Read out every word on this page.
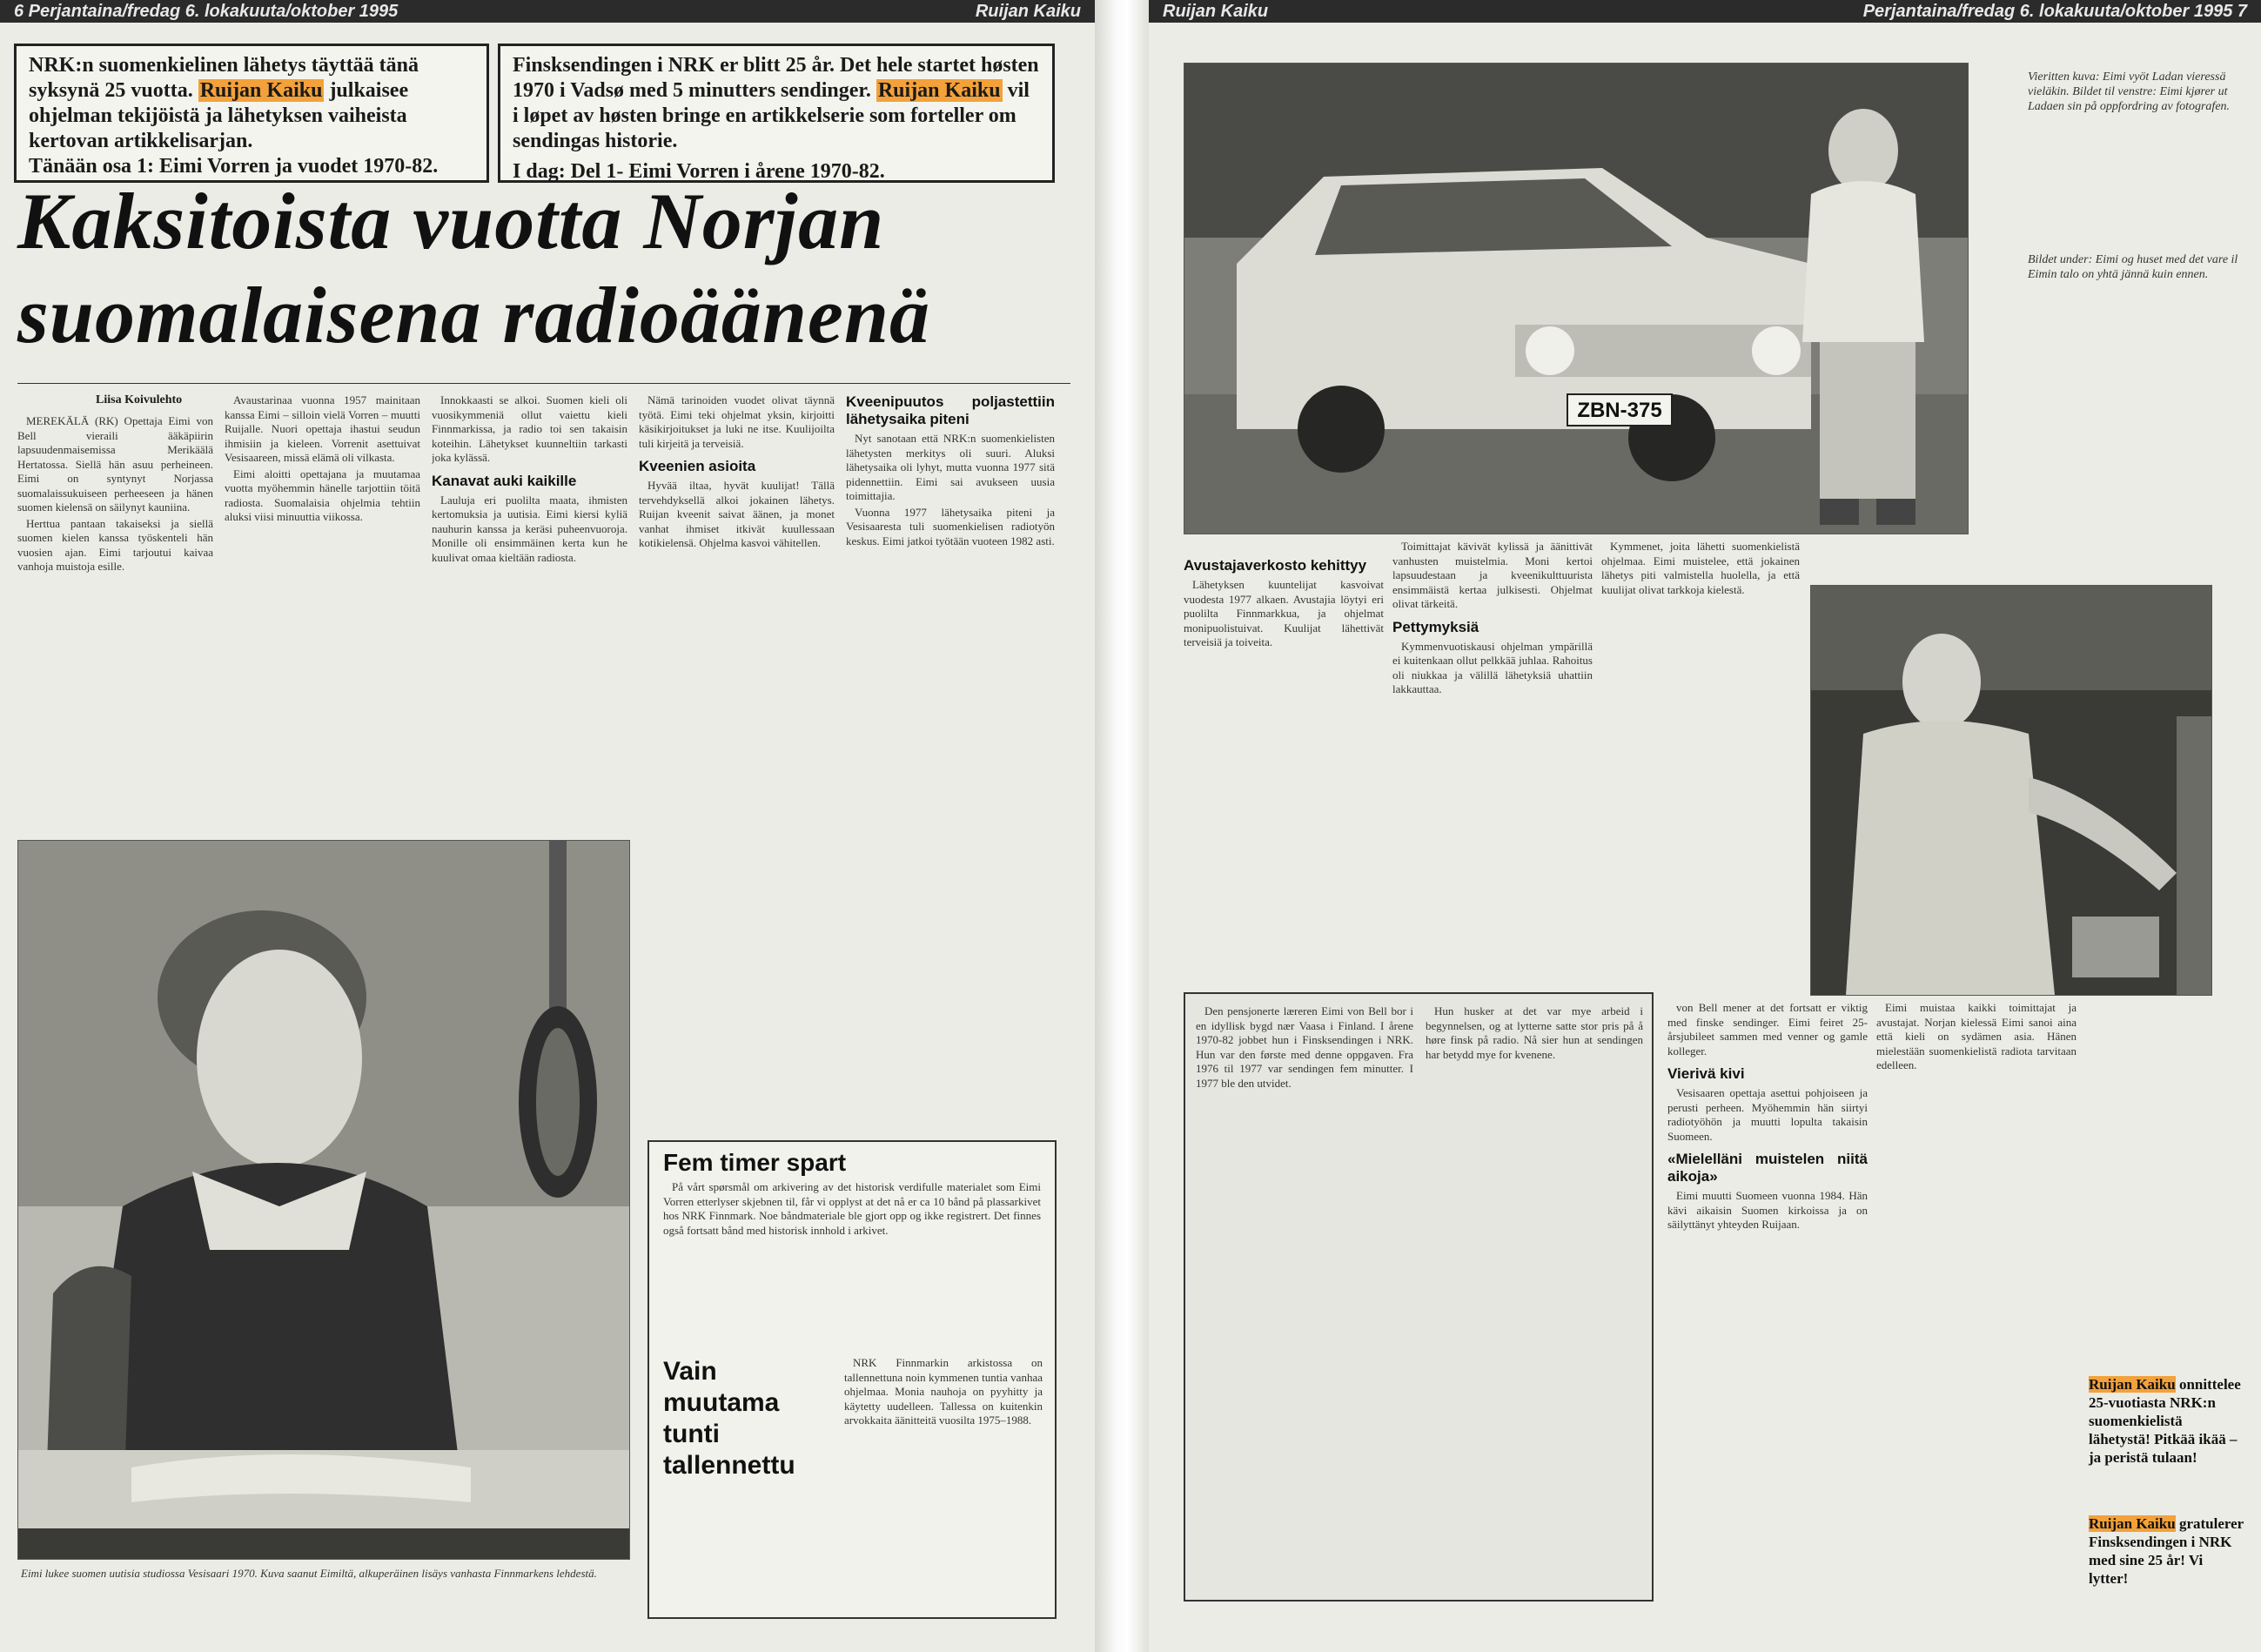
6 Perjantaina/fredag 6. lokakuuta/oktober 1995	Ruijan Kaiku
NRK:n suomenkielinen lähetys täyttää tänä syksynä 25 vuotta. Ruijan Kaiku julkaisee ohjelman tekijöistä ja lähetyksen vaiheista kertovan artikkelisarjan.
Tänään osa 1: Eimi Vorren ja vuodet 1970-82.
Finsksendingen i NRK er blitt 25 år. Det hele startet høsten 1970 i Vadsø med 5 minutters sendinger. Ruijan Kaiku vil i løpet av høsten bringe en artikkelserie som forteller om sendingas historie.
I dag: Del 1- Eimi Vorren i årene 1970-82.
Kaksitoista vuotta Norjan
suomalaisena radioäänenä
Liisa Koivulehto

MEREKÄLÄ (RK) Opettaja Eimi von Bell vieraili ääkäpiirin lapsuudenmaisemissa Merikäälä Hertatossa. Siellä hän asuu perheineen. Eimi on syntynyt Norjassa suomalaissukuiseen perheeseen ja hänen suomen kielensä on säilynyt kauniina.

Herttua pantaan takaiseksi ja siellä suomen kielen kanssa työskenteli hän vuosien ajan. Eimi tarjoutui kaivaa vanhoja muistoja esille.

Avaustarinaa vuonna 1957 mainitaan kanssa Eimi – silloin vielä Vorren – muutti Ruijalle. Nuori opettaja ihastui seudun ihmisiin ja kieleen. Vorrenit asettuivat Vesisaareen, missä elämä oli vilkasta.

Eimi aloitti opettajana ja muutamaa vuotta myöhemmin hänelle tarjottiin töitä radiosta. Suomalaisia ohjelmia tehtiin aluksi viisi minuuttia viikossa.

Innokkaasti se alkoi. Suomen kieli oli vuosikymmeniä ollut vaiettu kieli Finnmarkissa, ja radio toi sen takaisin koteihin. Lähetykset kuunneltiin tarkasti joka kylässä.

Kanavat auki kaikille

Lauluja eri puolilta maata, ihmisten kertomuksia ja uutisia. Eimi kiersi kyliä nauhurin kanssa ja keräsi puheenvuoroja. Monille oli ensimmäinen kerta kun he kuulivat omaa kieltään radiosta.

Nämä tarinoiden vuodet olivat täynnä työtä. Eimi teki ohjelmat yksin, kirjoitti käsikirjoitukset ja luki ne itse. Kuulijoilta tuli kirjeitä ja terveisiä.

Kveenien asioita

Hyvää iltaa, hyvät kuulijat! Tällä tervehdyksellä alkoi jokainen lähetys. Ruijan kveenit saivat äänen, ja monet vanhat ihmiset itkivät kuullessaan kotikielensä. Ohjelma kasvoi vähitellen.

Kveenipuutos poljastettiin lähetysaika piteni

Nyt sanotaan että NRK:n suomenkielisten lähetysten merkitys oli suuri. Aluksi lähetysaika oli lyhyt, mutta vuonna 1977 sitä pidennettiin. Eimi sai avukseen uusia toimittajia.

Vuonna 1977 lähetysaika piteni ja Vesisaaresta tuli suomenkielisen radiotyön keskus. Eimi jatkoi työtään vuoteen 1982 asti.

Eimi lukee suomen uutisia studiossa Vesisaari 1970. Kuva saanut Eimiltä, alkuperäinen lisäys vanhasta Finnmarkens lehdestä.
Fem timer spart

På vårt spørsmål om arkivering av det historisk verdifulle materialet som Eimi Vorren etterlyser skjebnen til, får vi opplyst at det nå er ca 10 bånd på plassarkivet hos NRK Finnmark. Noe båndmateriale ble gjort opp og ikke registrert. Det finnes også fortsatt bånd med historisk innhold i arkivet.

Vain muutama tunti tallennettu

NRK Finnmarkin arkistossa on tallennettuna noin kymmenen tuntia vanhaa ohjelmaa. Monia nauhoja on pyyhitty ja käytetty uudelleen. Tallessa on kuitenkin arvokkaita äänitteitä vuosilta 1975–1988.

Ruijan Kaiku	Perjantaina/fredag 6. lokakuuta/oktober 1995 7
ZBN-375
Vieritten kuva: Eimi vyöt Ladan vieressä vieläkin. Bildet til venstre: Eimi kjører ut Ladaen sin på oppfordring av fotografen.
Bildet under: Eimi og huset med det vare il Eimin talo on yhtä jännä kuin ennen.
Avustajaverkosto kehittyy

Lähetyksen kuuntelijat kasvoivat vuodesta 1977 alkaen. Avustajia löytyi eri puolilta Finnmarkkua, ja ohjelmat monipuolistuivat. Kuulijat lähettivät terveisiä ja toiveita.

Toimittajat kävivät kylissä ja äänittivät vanhusten muistelmia. Moni kertoi lapsuudestaan ja kveenikulttuurista ensimmäistä kertaa julkisesti. Ohjelmat olivat tärkeitä.

Pettymyksiä

Kymmenvuotiskausi ohjelman ympärillä ei kuitenkaan ollut pelkkää juhlaa. Rahoitus oli niukkaa ja välillä lähetyksiä uhattiin lakkauttaa.

Kymmenet, joita lähetti suomenkielistä ohjelmaa. Eimi muistelee, että jokainen lähetys piti valmistella huolella, ja että kuulijat olivat tarkkoja kielestä.

Den pensjonerte læreren Eimi von Bell bor i en idyllisk bygd nær Vaasa i Finland. I årene 1970-82 jobbet hun i Finsksendingen i NRK. Hun var den første med denne oppgaven. Fra 1976 til 1977 var sendingen fem minutter. I 1977 ble den utvidet.

Hun husker at det var mye arbeid i begynnelsen, og at lytterne satte stor pris på å høre finsk på radio. Nå sier hun at sendingen har betydd mye for kvenene.

von Bell mener at det fortsatt er viktig med finske sendinger. Eimi feiret 25-årsjubileet sammen med venner og gamle kolleger.

Vierivä kivi

Vesisaaren opettaja asettui pohjoiseen ja perusti perheen. Myöhemmin hän siirtyi radiotyöhön ja muutti lopulta takaisin Suomeen.

«Mielelläni muistelen niitä aikoja»

Eimi muutti Suomeen vuonna 1984. Hän kävi aikaisin Suomen kirkoissa ja on säilyttänyt yhteyden Ruijaan.

Eimi muistaa kaikki toimittajat ja avustajat. Norjan kielessä Eimi sanoi aina että kieli on sydämen asia. Hänen mielestään suomenkielistä radiota tarvitaan edelleen.

Ruijan Kaiku onnittelee 25-vuotiasta NRK:n suomenkielistä lähetystä! Pitkää ikää – ja peristä tulaan!
Ruijan Kaiku gratulerer Finsksendingen i NRK med sine 25 år! Vi lytter!
